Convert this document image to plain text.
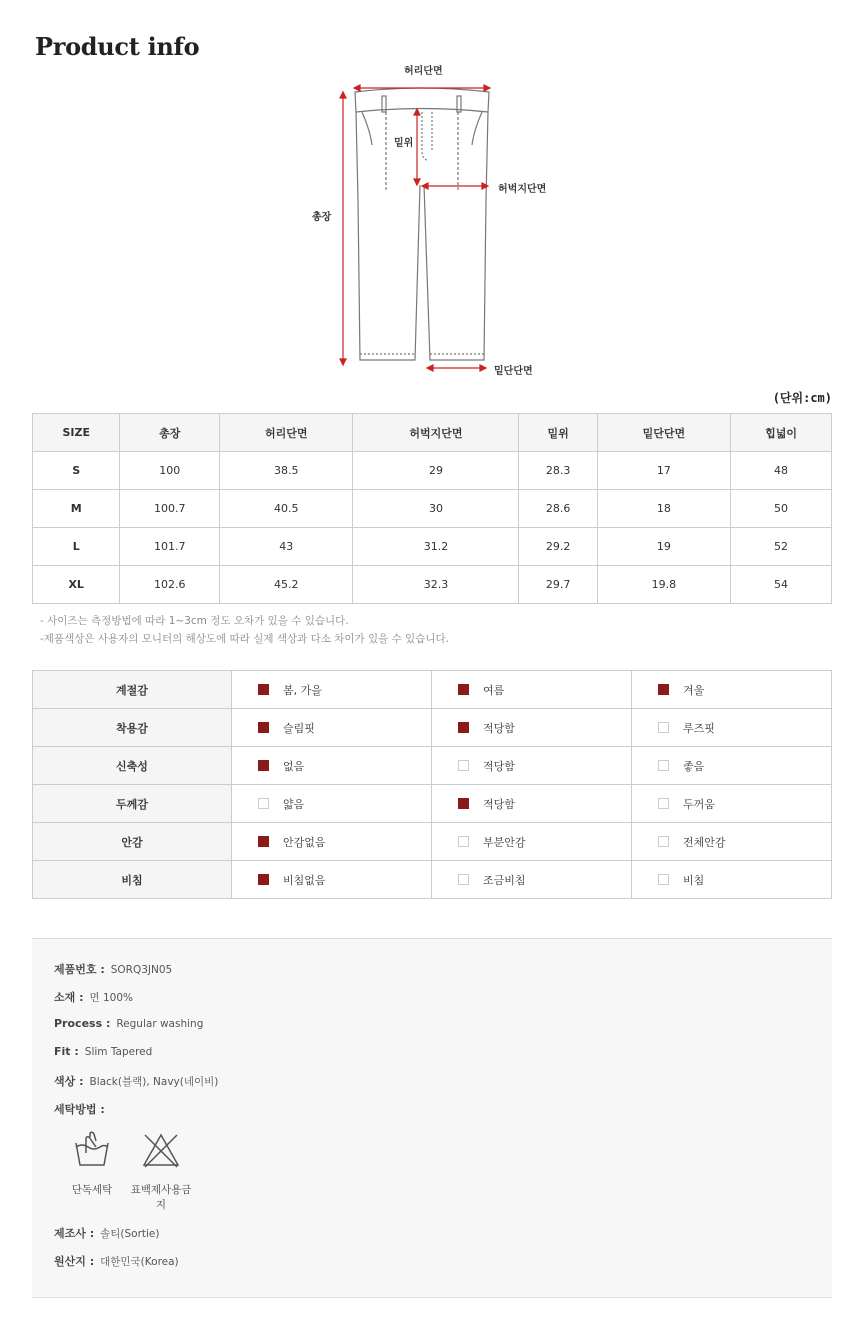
Product info
허리단면
밑위
허벅지단면
총장
밑단단면
(단위:cm)
SIZE	총장	허리단면	허벅지단면	밑위	밑단단면	힙넓이
S	100	38.5	29	28.3	17	48
M	100.7	40.5	30	28.6	18	50
L	101.7	43	31.2	29.2	19	52
XL	102.6	45.2	32.3	29.7	19.8	54
- 사이즈는 측정방법에 따라 1~3cm 정도 오차가 있을 수 있습니다.
-제품색상은 사용자의 모니터의 해상도에 따라 실제 색상과 다소 차이가 있을 수 있습니다.
계절감	봄, 가을	여름	겨울
착용감	슬림핏	적당함	루즈핏
신축성	없음	적당함	좋음
두께감	얇음	적당함	두꺼움
안감	안감없음	부분안감	전체안감
비침	비침없음	조금비침	비침
제품번호 : SORQ3JN05
소재 : 면 100%
Process : Regular washing
Fit : Slim Tapered
색상 : Black(블랙), Navy(네이비)
세탁방법 :
단독세탁	표백제사용금지
제조사 : 솔티(Sortie)
원산지 : 대한민국(Korea)
